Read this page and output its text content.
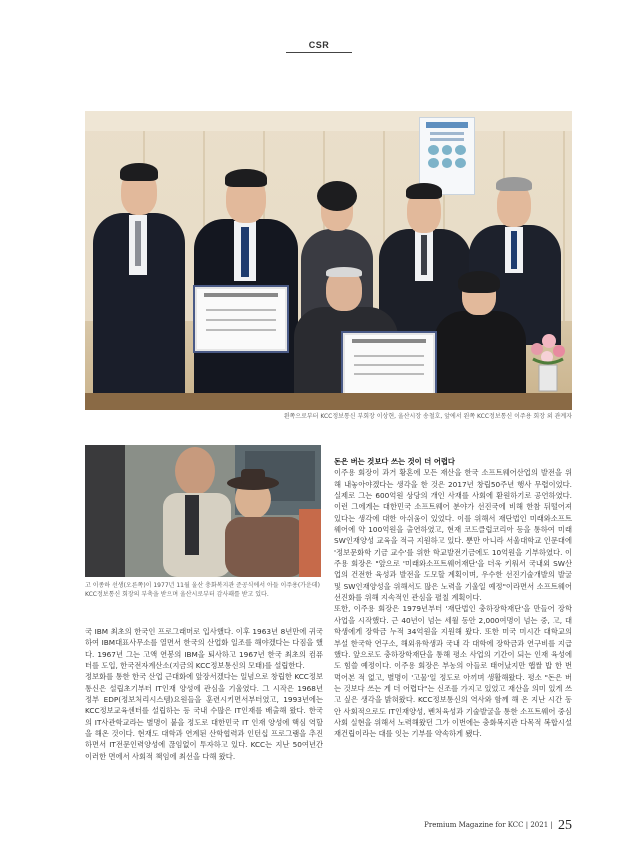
CSR
왼쪽으로부터 KCC정보통신 부회장 이상현, 울산시장 송철호, 앞에서 왼쪽 KCC정보통신 이주용 회장 외 관계자
고 이종하 선생(오른쪽)이 1977년 11월 울산 충화복지관 준공식에서 아들 이주용(가운데) KCC정보통신 회장의 부축을 받으며 울산시로부터 감사패를 받고 있다.

돈은 버는 것보다 쓰는 것이 더 어렵다

이주용 회장이 과거 황혼에 모든 재산을 한국 소프트웨어산업의 발전을 위해 내놓아야겠다는 생각을 한 것은 2017년 창립50주년 행사 무렵이었다. 실제로 그는 600억원 상당의 개인 사재를 사회에 환원하기로 공언하였다. 이런 그에게는 대한민국 소프트웨어 분야가 선진국에 비해 한참 뒤떨어져 있다는 생각에 대한 아쉬움이 있었다. 이를 위해서 재단법인 미래와소프트웨어에 약 100억원을 출연하였고, 현재 코드클럽코리아 등을 통하여 미래SW인재양성 교육을 적극 지원하고 있다. 뿐만 아니라 서울대학교 인문대에 '정보문화학 기금 교수'를 위한 학교발전기금에도 10억원을 기부하였다. 이주용 회장은 "앞으로 '미래와소프트웨어재단'을 더욱 키워서 국내외 SW산업의 건전한 육성과 발전을 도모할 계획이며, 우수한 선진기술개발의 발굴 및 SW인재양성을 위해서도 많은 노력을 기울일 예정"이라면서 소프트웨어 선진화를 위해 지속적인 관심을 펼칠 계획이다.

또한, 이주용 회장은 1979년부터 '재단법인 충하장학재단'을 만들어 장학사업을 시작했다. 근 40년이 넘는 세월 동안 2,000여명이 넘는 중, 고, 대학생에게 장학금 누적 34억원을 지원해 왔다. 또한 미국 미시간 대학교의 부설 한국학 연구소, 해외유학생과 국내 각 대학에 장학금과 연구비를 지급했다. 앞으로도 충하장학재단을 통해 평소 사업의 기간이 되는 인재 육성에도 힘쓸 예정이다. 이주용 회장은 부농의 아들로 태어났지만 햅쌀 밥 한 번 먹어본 적 없고, 별명이 '고물'일 정도로 아끼며 생활해왔다. 평소 "돈은 버는 것보다 쓰는 게 더 어렵다"는 신조를 가지고 있었고 재산을 의미 있게 쓰고 싶은 생각을 밝혀왔다. KCC정보통신의 역사와 함께 해 온 지난 시간 동안 사회적으로도 IT인재양성, 벤처육성과 기술발굴을 통한 소프트웨어 중심사회 실현을 위해서 노력해왔던 그가 이번에는 충화복지관 다목적 복합시설 재건립이라는 대를 잇는 기부를 약속하게 됐다.

국 IBM 최초의 한국인 프로그래머로 입사했다. 이후 1963년 8년만에 귀국하여 IBM대표사무소를 열면서 한국의 산업화 일조를 해야겠다는 다짐을 했다. 1967년 그는 고액 연봉의 IBM을 퇴사하고 1967년 한국 최초의 컴퓨터를 도입, 한국전자계산소(지금의 KCC정보통신의 모태)를 설립한다.

정보화를 통한 한국 산업 근대화에 앞장서겠다는 일념으로 창립한 KCC정보통신은 설립초기부터 IT인재 양성에 관심을 기울였다. 그 시작은 1968년 정부 EDP(정보처리시스템)요원들을 훈련시키면서부터였고, 1993년에는 KCC정보교육센터를 설립하는 등 국내 수많은 IT인재를 배출해 왔다. 한국의 IT사관학교라는 별명이 붙을 정도로 대한민국 IT 인재 양성에 핵심 역할을 해온 것이다. 현재도 대학과 연계된 산학협력과 인턴십 프로그램을 추진하면서 IT전문인력양성에 끊임없이 투자하고 있다. KCC는 지난 50여년간 이러한 면에서 사회적 책임에 최선을 다해 왔다.

Premium Magazine for KCC | 2021 | 25
